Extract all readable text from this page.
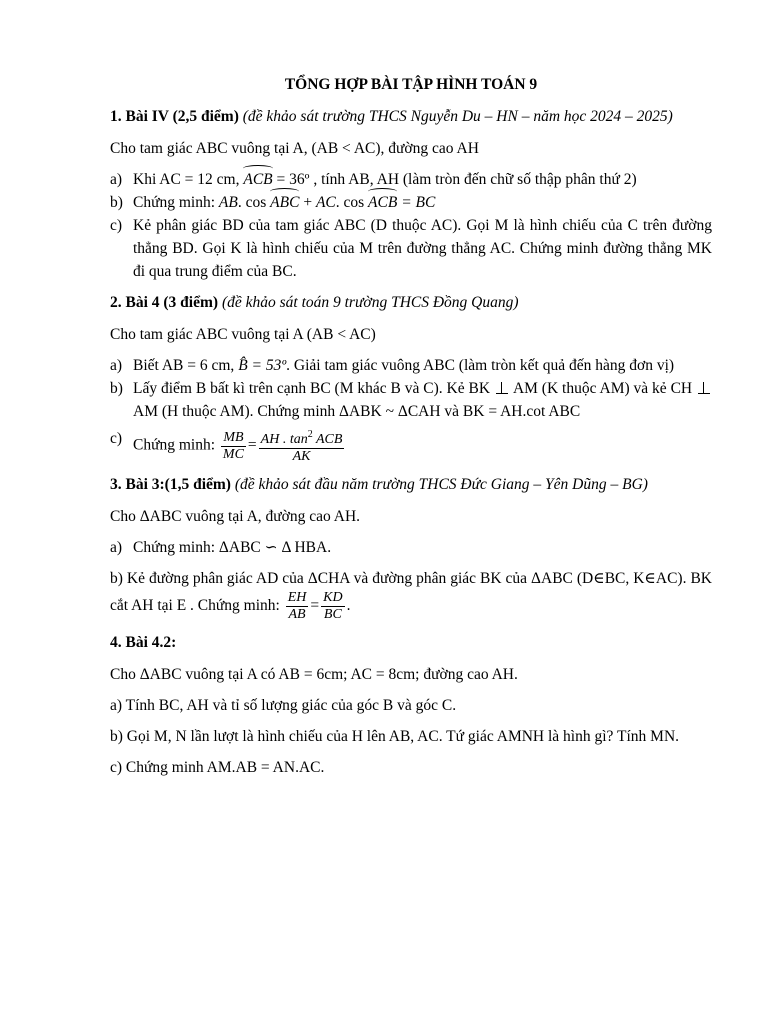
TỔNG HỢP BÀI TẬP HÌNH TOÁN 9
1. Bài IV (2,5 điểm) (đề khảo sát trường THCS Nguyễn Du – HN – năm học 2024 – 2025)

Cho tam giác ABC vuông tại A, (AB < AC), đường cao AH

a) Khi AC = 12 cm, ACB = 36º , tính AB, AH (làm tròn đến chữ số thập phân thứ 2)
b) Chứng minh: AB. cos ABC + AC. cos ACB = BC
c) Kẻ phân giác BD của tam giác ABC (D thuộc AC). Gọi M là hình chiếu của C trên đường thẳng BD. Gọi K là hình chiếu của M trên đường thẳng AC. Chứng minh đường thẳng MK đi qua trung điểm của BC.
2. Bài 4 (3 điểm) (đề khảo sát toán 9 trường THCS Đồng Quang)

Cho tam giác ABC vuông tại A (AB < AC)

a) Biết AB = 6 cm, B̂ = 53º. Giải tam giác vuông ABC (làm tròn kết quả đến hàng đơn vị)
b) Lấy điểm B bất kì trên cạnh BC (M khác B và C). Kẻ BK  AM (K thuộc AM) và kẻ CH  AM (H thuộc AM). Chứng minh ΔABK ~ ΔCAH và BK = AH.cot ABC
c) Chứng minh: $\frac{MB}{MC} = \frac{AH . \tan^2 ACB}{AK}$
3. Bài 3:(1,5 điểm) (đề khảo sát đầu năm trường THCS Đức Giang – Yên Dũng – BG)

Cho ΔABC vuông tại A, đường cao AH.

a) Chứng minh: ΔABC ∽ Δ HBA.

b) Kẻ đường phân giác AD của ΔCHA và đường phân giác BK của ΔABC (D∈BC, K∈AC). BK cắt AH tại E . Chứng minh: $\frac{EH}{AB} = \frac{KD}{BC}$ .

4. Bài 4.2:

Cho ΔABC vuông tại A có AB = 6cm; AC = 8cm; đường cao AH.

a) Tính BC, AH và tỉ số lượng giác của góc B và góc C.

b) Gọi M, N lần lượt là hình chiếu của H lên AB, AC. Tứ giác AMNH là hình gì? Tính MN.

c) Chứng minh AM.AB = AN.AC.
